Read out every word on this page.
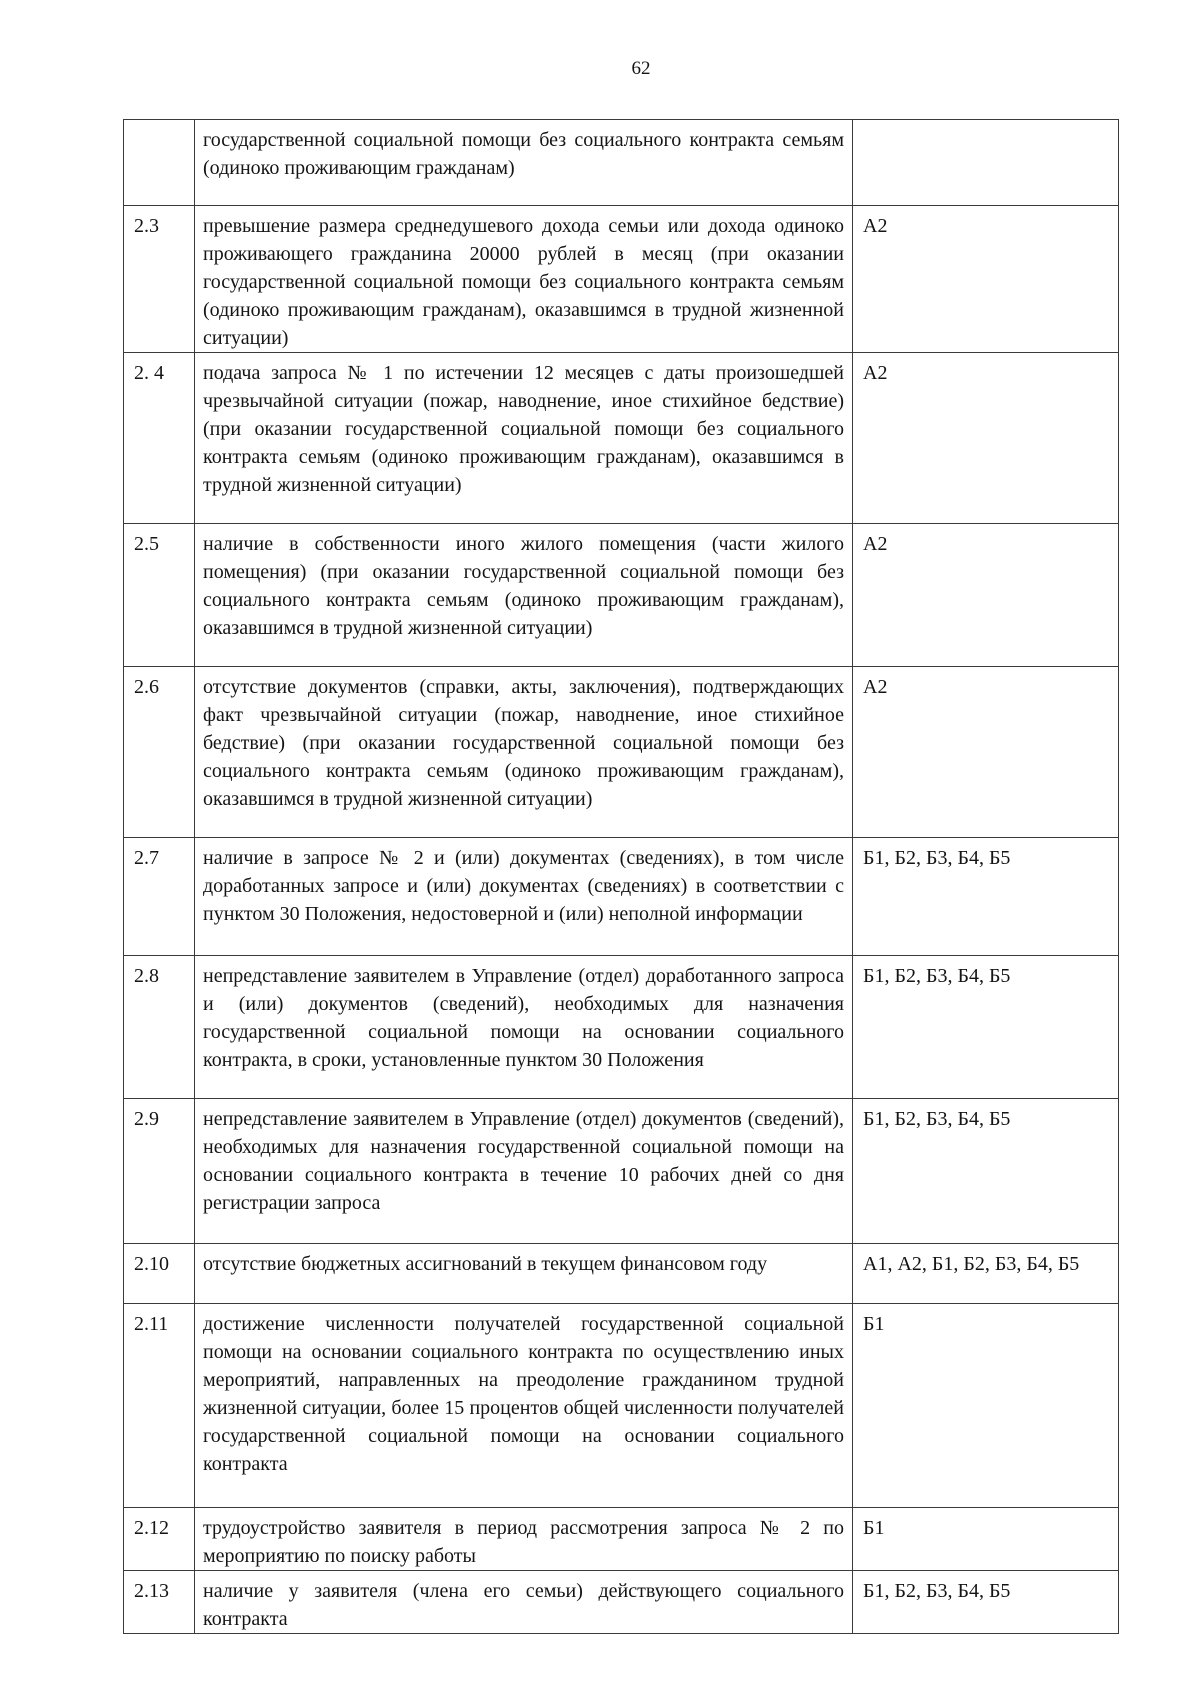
62

	государственной социальной помощи без социального контракта семьям (одиноко проживающим гражданам)	

2.3	превышение размера среднедушевого дохода семьи или дохода одиноко проживающего гражданина 20000 рублей в месяц (при оказании государственной социальной помощи без социального контракта семьям (одиноко проживающим гражданам), оказавшимся в трудной жизненной ситуации)	А2
2. 4	подача запроса № 1 по истечении 12 месяцев с даты произошедшей чрезвычайной ситуации (пожар, наводнение, иное стихийное бедствие) (при оказании государственной социальной помощи без социального контракта семьям (одиноко проживающим гражданам), оказавшимся в трудной жизненной ситуации)	А2
2.5	наличие в собственности иного жилого помещения (части жилого помещения) (при оказании государственной социальной помощи без социального контракта семьям (одиноко проживающим гражданам), оказавшимся в трудной жизненной ситуации)	А2
2.6	отсутствие документов (справки, акты, заключения), подтверждающих факт чрезвычайной ситуации (пожар, наводнение, иное стихийное бедствие) (при оказании государственной социальной помощи без социального контракта семьям (одиноко проживающим гражданам), оказавшимся в трудной жизненной ситуации)	А2
2.7	наличие в запросе № 2 и (или) документах (сведениях), в том числе доработанных запросе и (или) документах (сведениях) в соответствии с пунктом 30 Положения, недостоверной и (или) неполной информации	Б1, Б2, Б3, Б4, Б5
2.8	непредставление заявителем в Управление (отдел) доработанного запроса и (или) документов (сведений), необходимых для назначения государственной социальной помощи на основании социального контракта, в сроки, установленные пунктом 30 Положения	Б1, Б2, Б3, Б4, Б5
2.9	непредставление заявителем в Управление (отдел) документов (сведений), необходимых для назначения государственной социальной помощи на основании социального контракта в течение 10 рабочих дней со дня регистрации запроса	Б1, Б2, Б3, Б4, Б5
2.10	отсутствие бюджетных ассигнований в текущем финансовом году	А1, А2, Б1, Б2, Б3, Б4, Б5
2.11	достижение численности получателей государственной социальной помощи на основании социального контракта по осуществлению иных мероприятий, направленных на преодоление гражданином трудной жизненной ситуации, более 15 процентов общей численности получателей государственной социальной помощи на основании социального контракта	Б1
2.12	трудоустройство заявителя в период рассмотрения запроса № 2 по мероприятию по поиску работы	Б1
2.13	наличие у заявителя (члена его семьи) действующего социального контракта	Б1, Б2, Б3, Б4, Б5
